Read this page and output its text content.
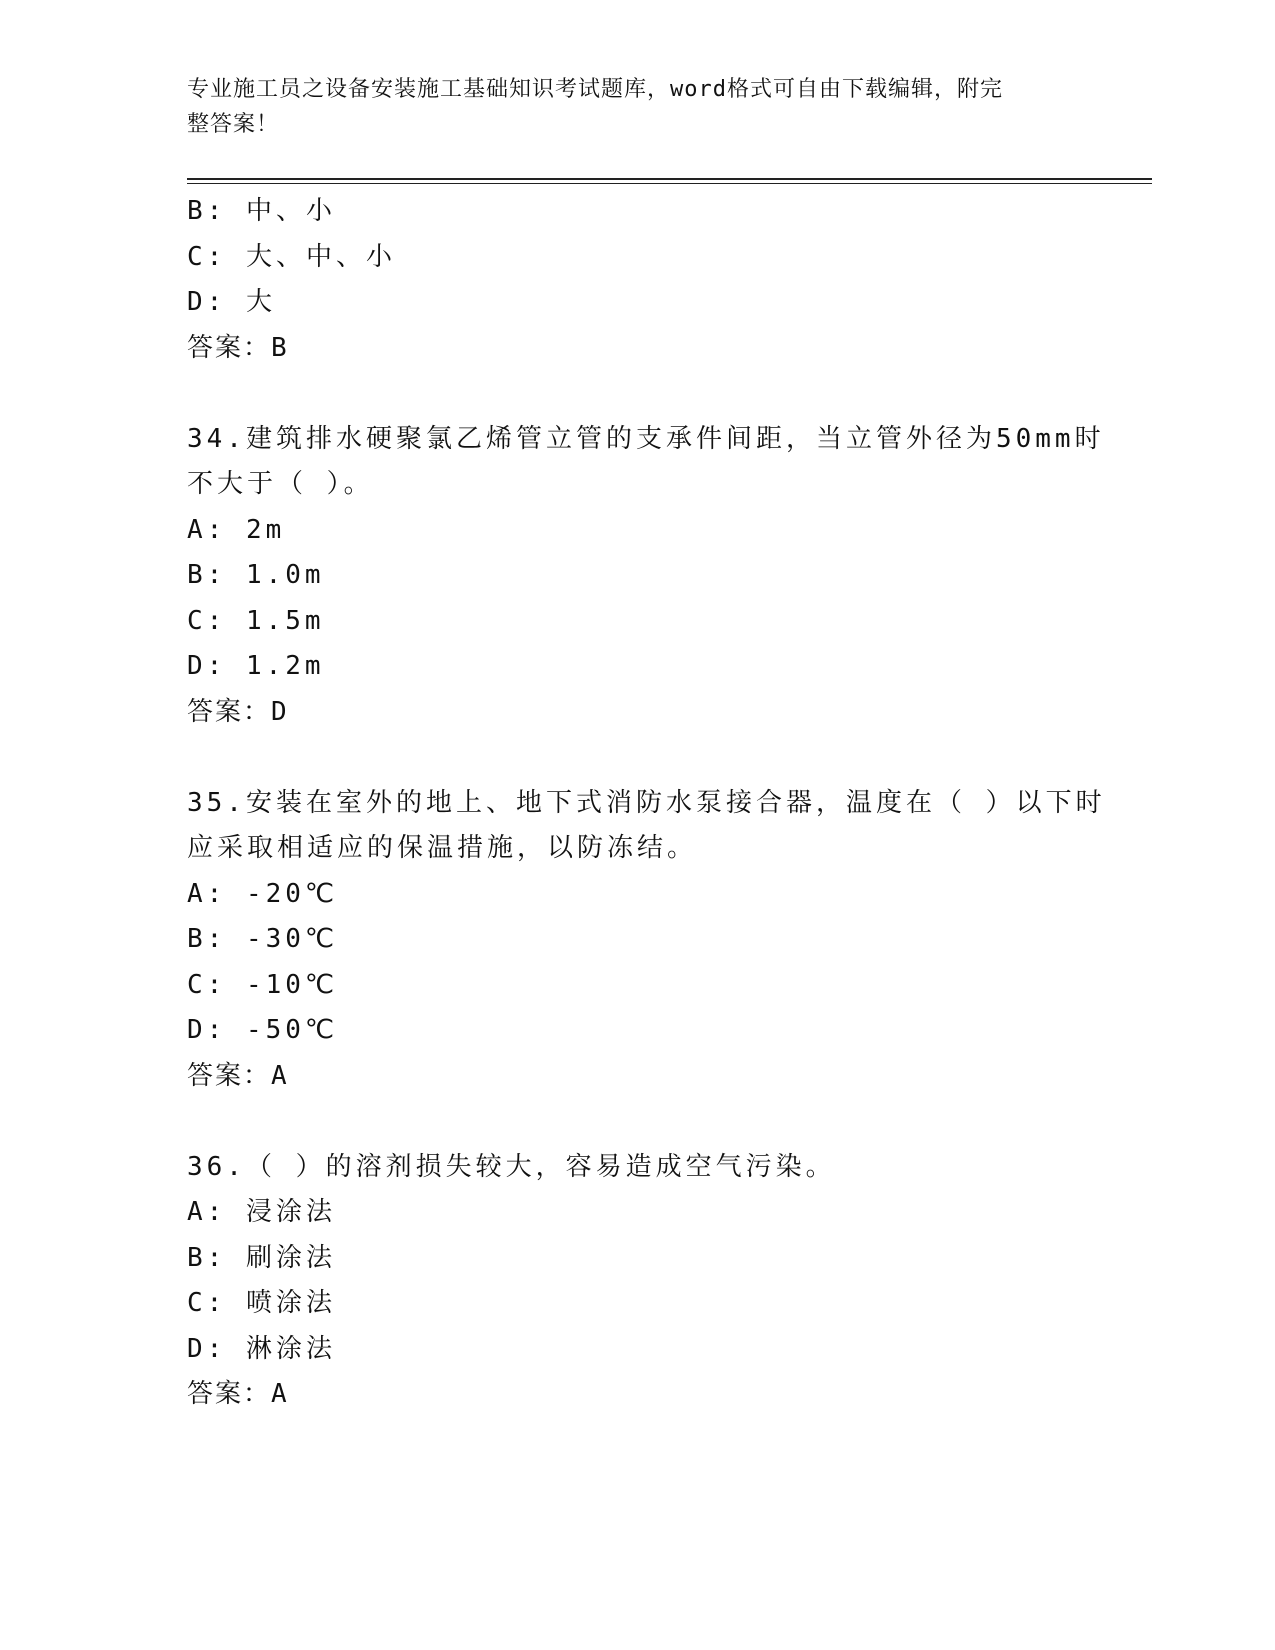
专业施工员之设备安装施工基础知识考试题库，word格式可自由下载编辑，附完
整答案！
B: 中、小
C: 大、中、小
D: 大
答案：B
34.建筑排水硬聚氯乙烯管立管的支承件间距，当立管外径为50mm时
不大于（ ）。
A: 2m
B: 1.0m
C: 1.5m
D: 1.2m
答案：D
35.安装在室外的地上、地下式消防水泵接合器，温度在（ ）以下时
应采取相适应的保温措施，以防冻结。
A: -20℃
B: -30℃
C: -10℃
D: -50℃
答案：A
36.（ ）的溶剂损失较大，容易造成空气污染。
A: 浸涂法
B: 刷涂法
C: 喷涂法
D: 淋涂法
答案：A
